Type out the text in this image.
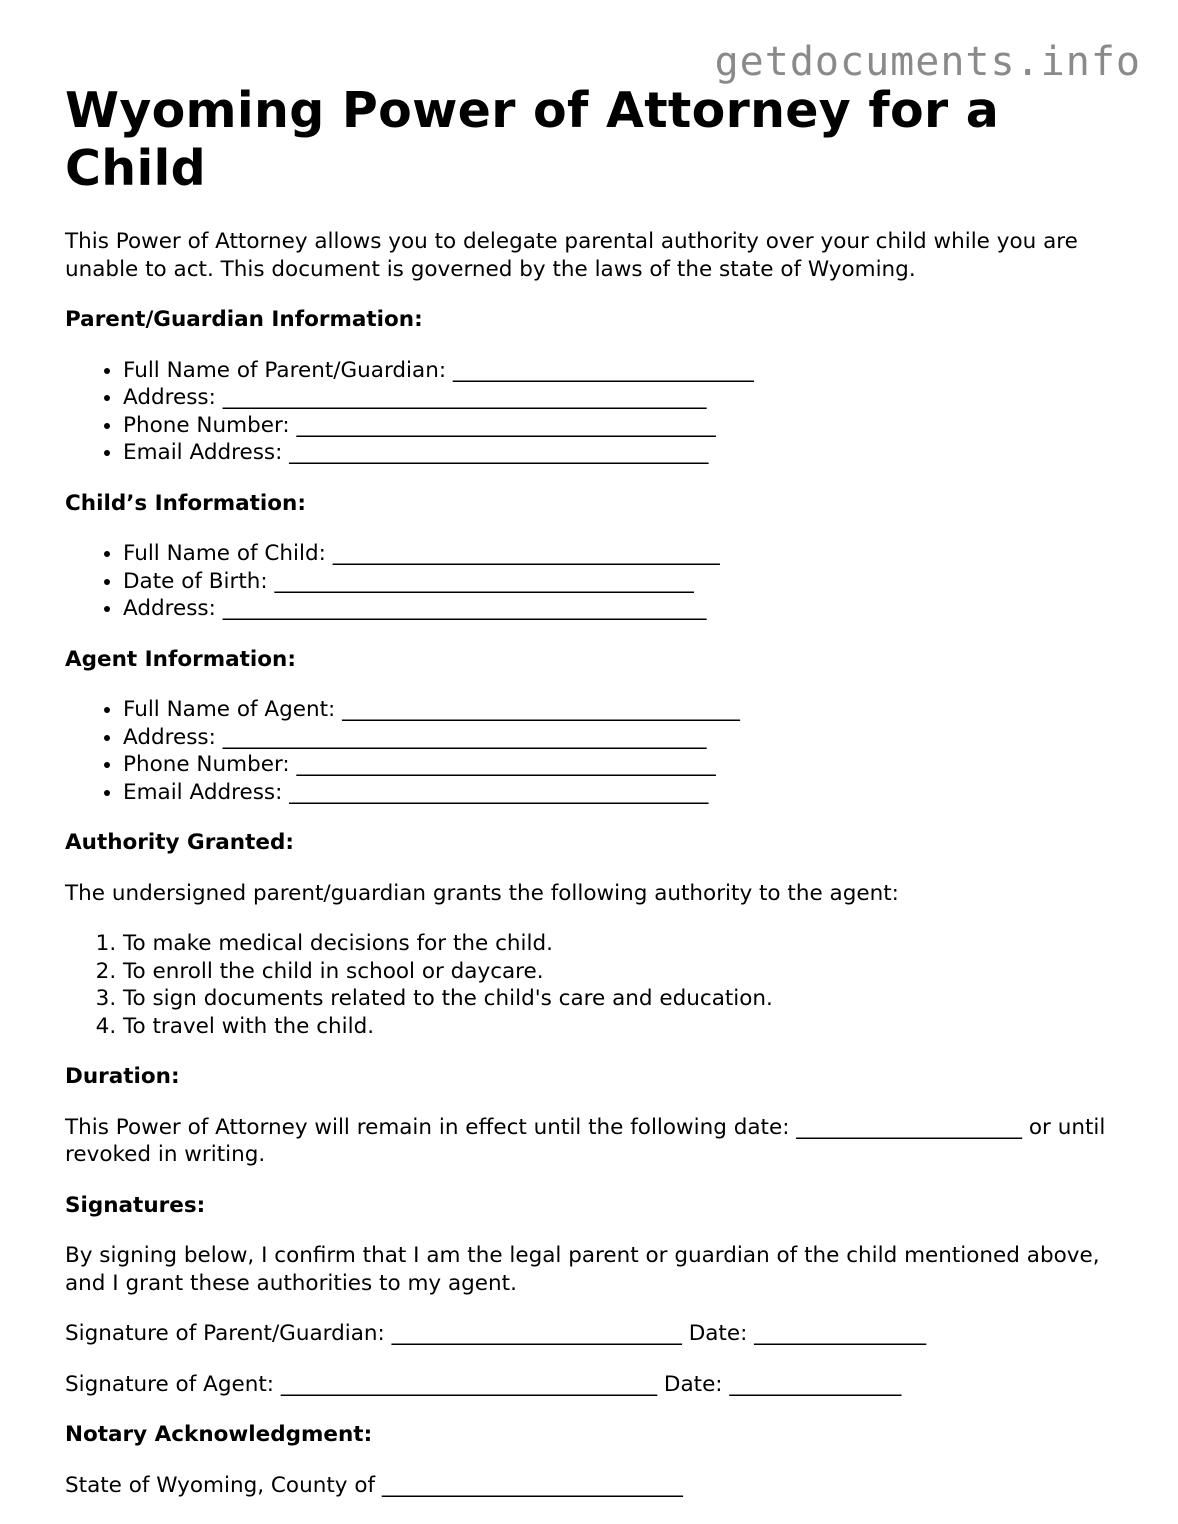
getdocuments.info
Wyoming Power of Attorney for a Child

This Power of Attorney allows you to delegate parental authority over your child while you are unable to act. This document is governed by the laws of the state of Wyoming.

Parent/Guardian Information:
• Full Name of Parent/Guardian: ____________________________
• Address: _____________________________________________
• Phone Number: _______________________________________
• Email Address: _______________________________________
Child’s Information:
• Full Name of Child: ____________________________________
• Date of Birth: _______________________________________
• Address: _____________________________________________
Agent Information:
• Full Name of Agent: _____________________________________
• Address: _____________________________________________
• Phone Number: _______________________________________
• Email Address: _______________________________________
Authority Granted:

The undersigned parent/guardian grants the following authority to the agent:

1. To make medical decisions for the child.
2. To enroll the child in school or daycare.
3. To sign documents related to the child's care and education.
4. To travel with the child.
Duration:

This Power of Attorney will remain in effect until the following date: _____________________ or until revoked in writing.

Signatures:

By signing below, I confirm that I am the legal parent or guardian of the child mentioned above, and I grant these authorities to my agent.

Signature of Parent/Guardian: ___________________________ Date: ________________

Signature of Agent: ___________________________________ Date: ________________

Notary Acknowledgment:

State of Wyoming, County of ____________________________
